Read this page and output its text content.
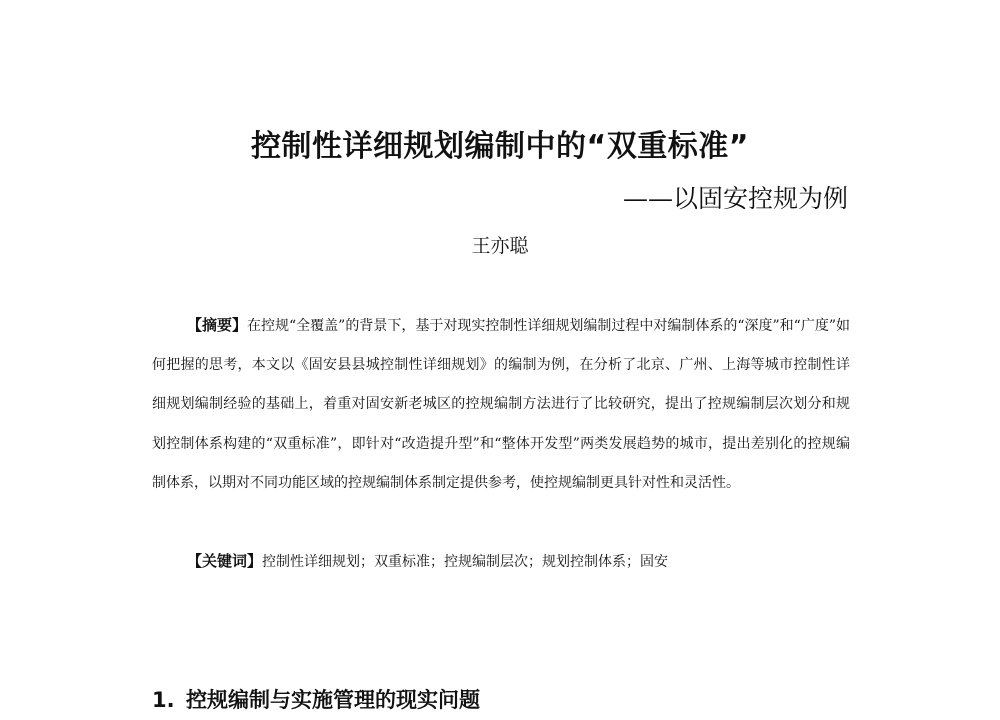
控制性详细规划编制中的“双重标准”

——以固安控规为例

王亦聪

【摘要】在控规“全覆盖”的背景下，基于对现实控制性详细规划编制过程中对编制体系的“深度”和“广度”如何把握的思考，本文以《固安县县城控制性详细规划》的编制为例，在分析了北京、广州、上海等城市控制性详细规划编制经验的基础上，着重对固安新老城区的控规编制方法进行了比较研究，提出了控规编制层次划分和规划控制体系构建的“双重标准”，即针对“改造提升型”和“整体开发型”两类发展趋势的城市，提出差别化的控规编制体系，以期对不同功能区域的控规编制体系制定提供参考，使控规编制更具针对性和灵活性。

【关键词】控制性详细规划；双重标准；控规编制层次；规划控制体系；固安

1. 控规编制与实施管理的现实问题
